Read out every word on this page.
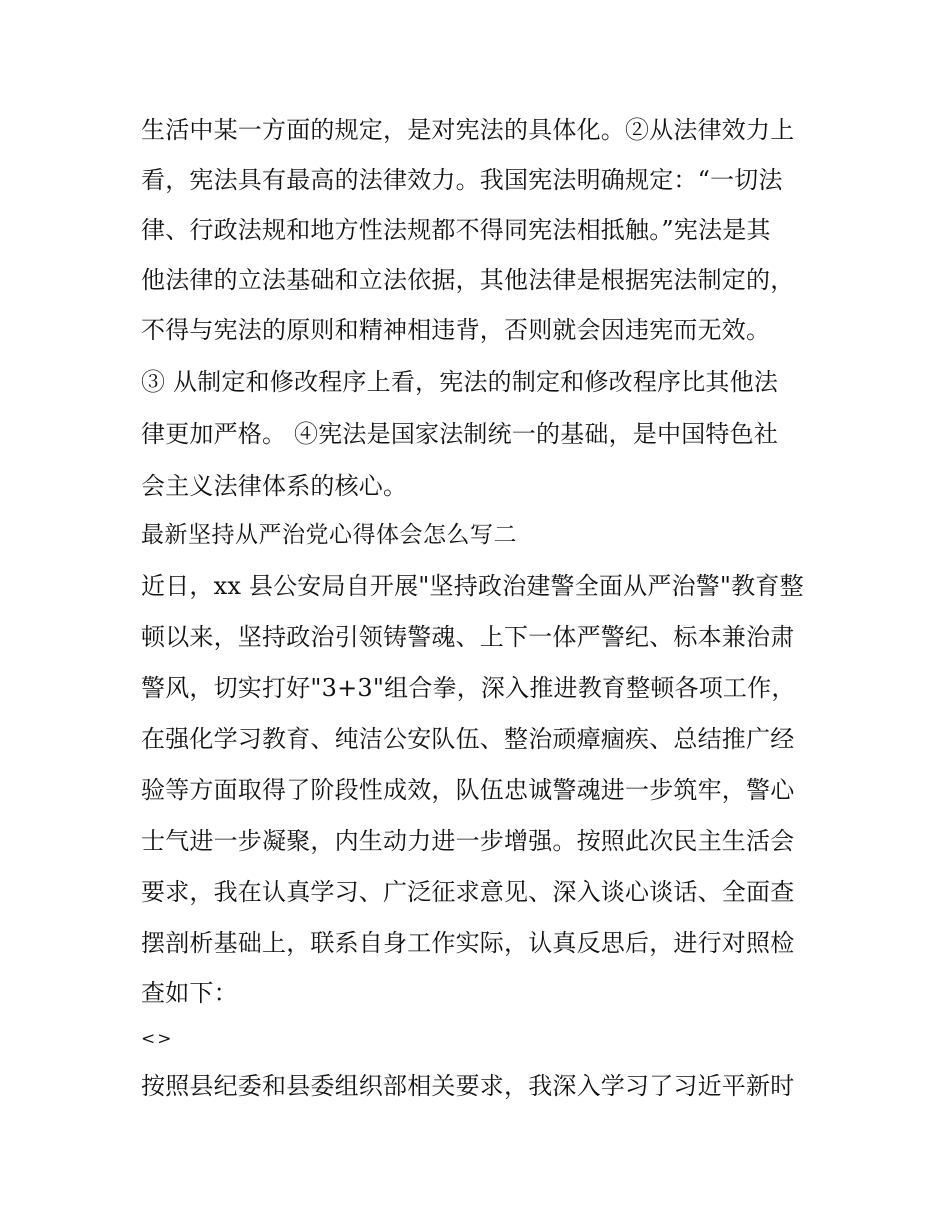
生活中某一方面的规定，是对宪法的具体化。②从法律效力上
看，宪法具有最高的法律效力。我国宪法明确规定：“一切法
律、行政法规和地方性法规都不得同宪法相抵触。”宪法是其
他法律的立法基础和立法依据，其他法律是根据宪法制定的，
不得与宪法的原则和精神相违背，否则就会因违宪而无效。
③ 从制定和修改程序上看，宪法的制定和修改程序比其他法
律更加严格。 ④宪法是国家法制统一的基础，是中国特色社
会主义法律体系的核心。
最新坚持从严治党心得体会怎么写二
近日，xx 县公安局自开展"坚持政治建警全面从严治警"教育整
顿以来，坚持政治引领铸警魂、上下一体严警纪、标本兼治肃
警风，切实打好"3+3"组合拳，深入推进教育整顿各项工作，
在强化学习教育、纯洁公安队伍、整治顽瘴痼疾、总结推广经
验等方面取得了阶段性成效，队伍忠诚警魂进一步筑牢，警心
士气进一步凝聚，内生动力进一步增强。按照此次民主生活会
要求，我在认真学习、广泛征求意见、深入谈心谈话、全面查
摆剖析基础上，联系自身工作实际，认真反思后，进行对照检
查如下：
<>
按照县纪委和县委组织部相关要求，我深入学习了习近平新时
